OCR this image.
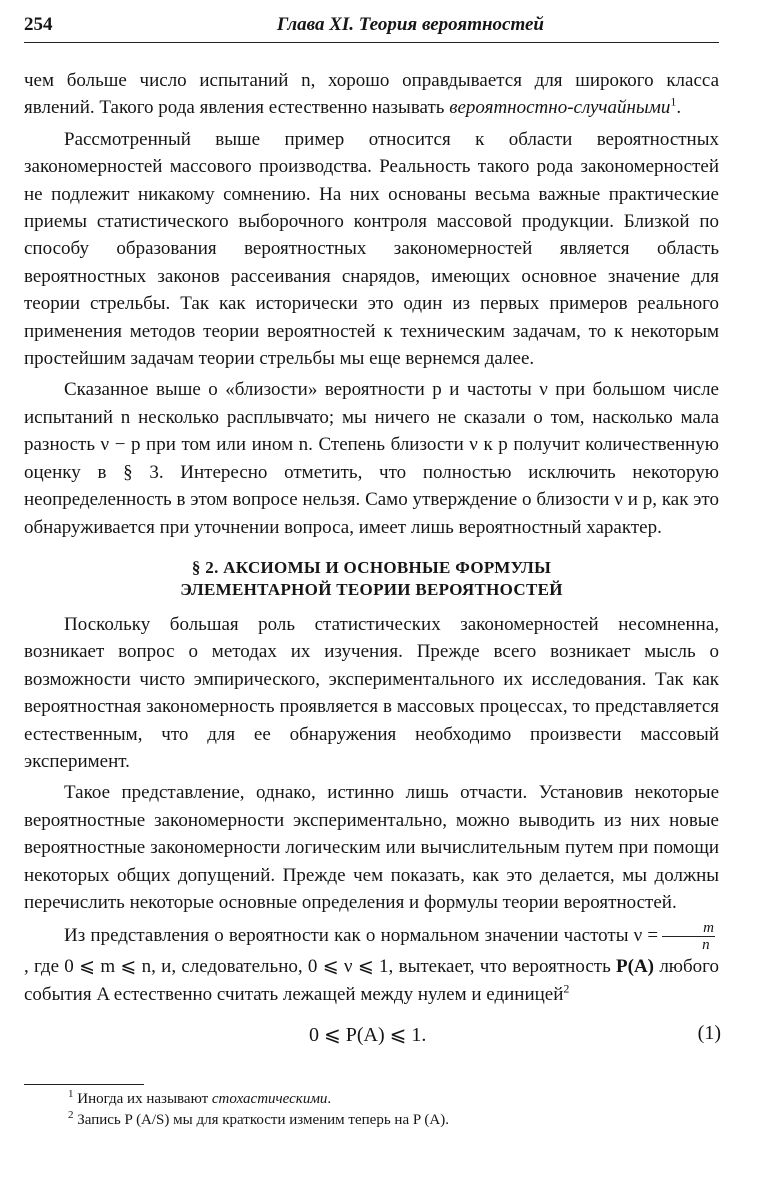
254	Глава XI. Теория вероятностей

чем больше число испытаний n, хорошо оправдывается для широкого класса явлений. Такого рода явления естественно называть вероятностно-случайными$^1$.

Рассмотренный выше пример относится к области вероятностных закономерностей массового производства. Реальность такого рода закономерностей не подлежит никакому сомнению. На них основаны весьма важные практические приемы статистического выборочного контроля массовой продукции. Близкой по способу образования вероятностных закономерностей является область вероятностных законов рассеивания снарядов, имеющих основное значение для теории стрельбы. Так как исторически это один из первых примеров реального применения методов теории вероятностей к техническим задачам, то к некоторым простейшим задачам теории стрельбы мы еще вернемся далее.

Сказанное выше о «близости» вероятности p и частоты ν при большом числе испытаний n несколько расплывчато; мы ничего не сказали о том, насколько мала разность ν − p при том или ином n. Степень близости ν к p получит количественную оценку в § 3. Интересно отметить, что полностью исключить некоторую неопределенность в этом вопросе нельзя. Само утверждение о близости ν и p, как это обнаруживается при уточнении вопроса, имеет лишь вероятностный характер.

§ 2. АКСИОМЫ И ОСНОВНЫЕ ФОРМУЛЫ
ЭЛЕМЕНТАРНОЙ ТЕОРИИ ВЕРОЯТНОСТЕЙ

Поскольку большая роль статистических закономерностей несомненна, возникает вопрос о методах их изучения. Прежде всего возникает мысль о возможности чисто эмпирического, экспериментального их исследования. Так как вероятностная закономерность проявляется в массовых процессах, то представляется естественным, что для ее обнаружения необходимо произвести массовый эксперимент.

Такое представление, однако, истинно лишь отчасти. Установив некоторые вероятностные закономерности экспериментально, можно выводить из них новые вероятностные закономерности логическим или вычислительным путем при помощи некоторых общих допущений. Прежде чем показать, как это делается, мы должны перечислить некоторые основные определения и формулы теории вероятностей.

Из представления о вероятности как о нормальном значении частоты $\nu = \frac{m}{n}$
, где 0 ⩽ m ⩽ n, и, следовательно, 0 ⩽ ν ⩽ 1, вытекает, что вероятность P(A) любого события A естественно считать лежащей между нулем и единицей$^2$

0 ⩽ P(A) ⩽ 1.	(1)
$^1$ Иногда их называют стохастическими.
$^2$ Запись P (A/S) мы для краткости изменим теперь на P (A).
